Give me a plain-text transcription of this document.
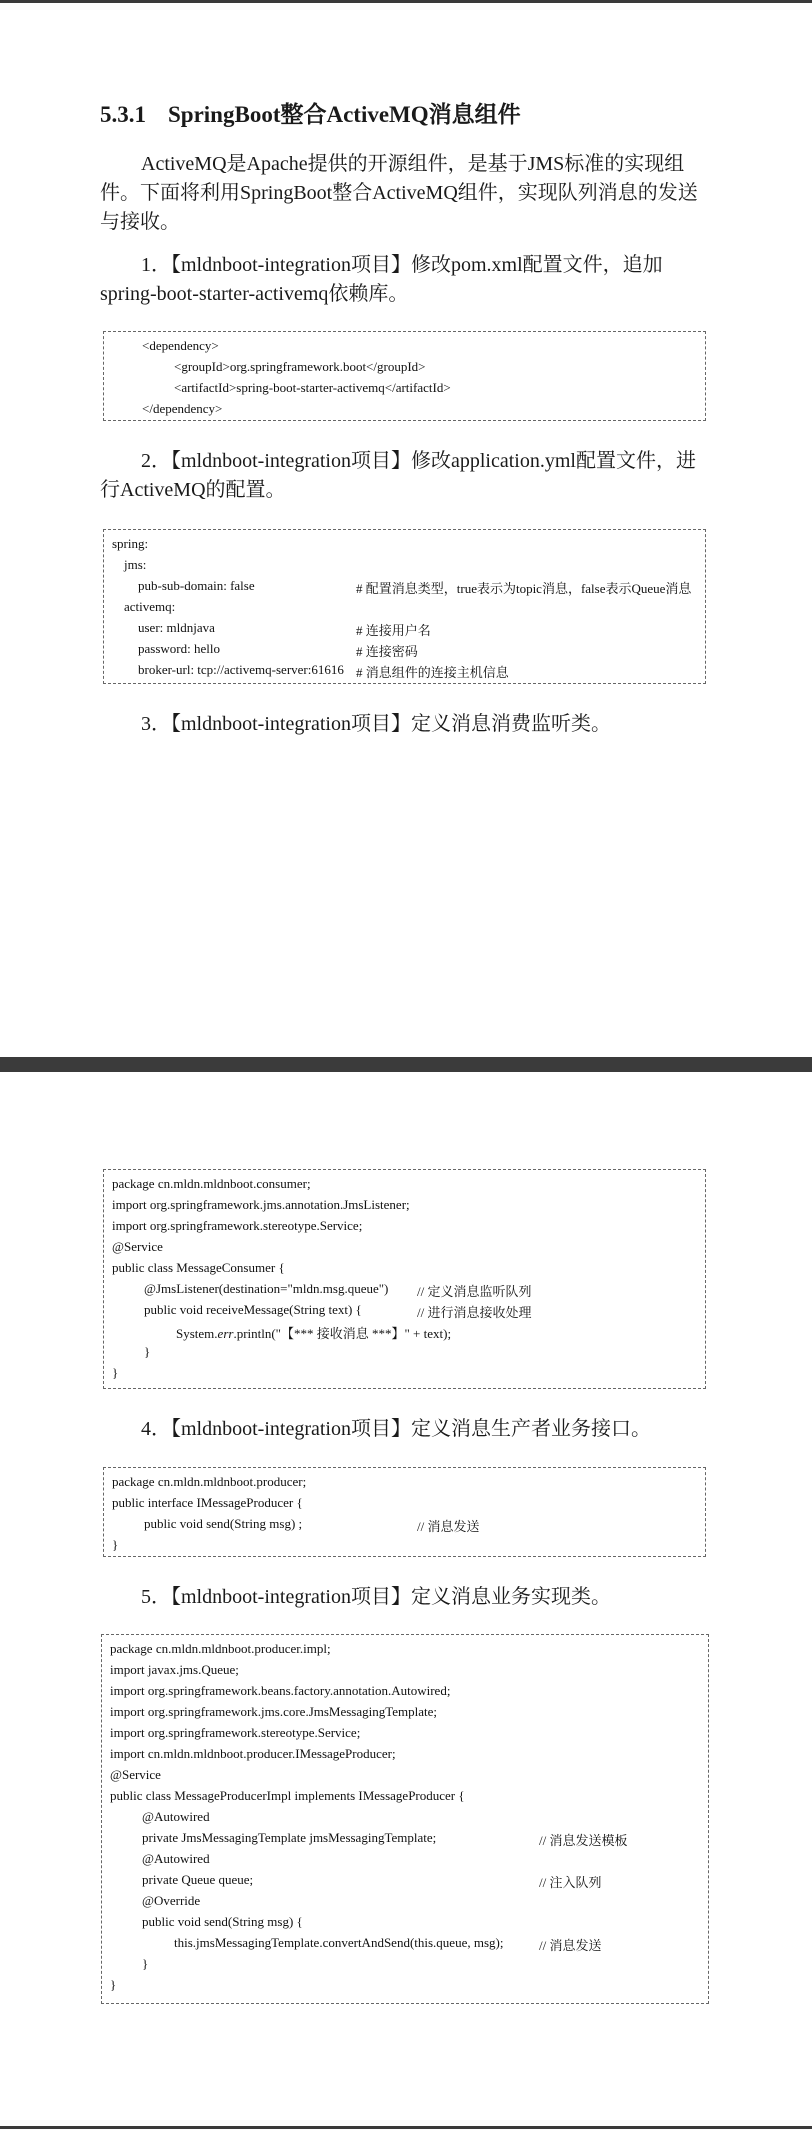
5.3.1 SpringBoot整合ActiveMQ消息组件
ActiveMQ是Apache提供的开源组件，是基于JMS标准的实现组
件。下面将利用SpringBoot整合ActiveMQ组件，实现队列消息的发送
与接收。
1．【mldnboot-integration项目】修改pom.xml配置文件，追加
spring-boot-starter-activemq依赖库。
<dependency>
<groupId>org.springframework.boot</groupId>
<artifactId>spring-boot-starter-activemq</artifactId>
</dependency>
2．【mldnboot-integration项目】修改application.yml配置文件，进
行ActiveMQ的配置。
spring:
jms:
pub-sub-domain: false	# 配置消息类型，true表示为topic消息，false表示Queue消息
activemq:
user: mldnjava	# 连接用户名
password: hello	# 连接密码
broker-url: tcp://activemq-server:61616 # 消息组件的连接主机信息
3．【mldnboot-integration项目】定义消息消费监听类。
package cn.mldn.mldnboot.consumer;
import org.springframework.jms.annotation.JmsListener;
import org.springframework.stereotype.Service;
@Service
public class MessageConsumer {
@JmsListener(destination="mldn.msg.queue") // 定义消息监听队列
public void receiveMessage(String text) {	// 进行消息接收处理
System.err.println("【*** 接收消息 ***】" + text);
}
}
4．【mldnboot-integration项目】定义消息生产者业务接口。
package cn.mldn.mldnboot.producer;
public interface IMessageProducer {
public void send(String msg) ;	// 消息发送
}
5．【mldnboot-integration项目】定义消息业务实现类。
package cn.mldn.mldnboot.producer.impl;
import javax.jms.Queue;
import org.springframework.beans.factory.annotation.Autowired;
import org.springframework.jms.core.JmsMessagingTemplate;
import org.springframework.stereotype.Service;
import cn.mldn.mldnboot.producer.IMessageProducer;
@Service
public class MessageProducerImpl implements IMessageProducer {
@Autowired
private JmsMessagingTemplate jmsMessagingTemplate;	// 消息发送模板
@Autowired
private Queue queue;	// 注入队列
@Override
public void send(String msg) {
this.jmsMessagingTemplate.convertAndSend(this.queue, msg);	// 消息发送
}
}
